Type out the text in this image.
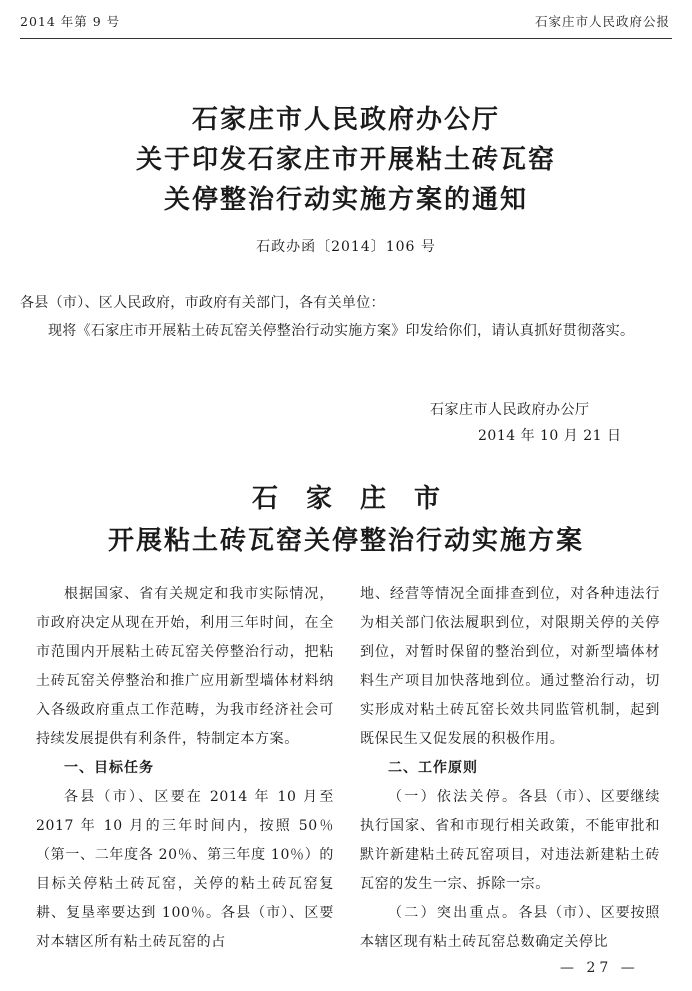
2014 年第 9 号	石家庄市人民政府公报
石家庄市人民政府办公厅
关于印发石家庄市开展粘土砖瓦窑
关停整治行动实施方案的通知
石政办函〔2014〕106 号
各县（市）、区人民政府，市政府有关部门，各有关单位：
现将《石家庄市开展粘土砖瓦窑关停整治行动实施方案》印发给你们，请认真抓好贯彻落实。
石家庄市人民政府办公厅
2014 年 10 月 21 日
石家庄市
开展粘土砖瓦窑关停整治行动实施方案

根据国家、省有关规定和我市实际情况，市政府决定从现在开始，利用三年时间，在全市范围内开展粘土砖瓦窑关停整治行动，把粘土砖瓦窑关停整治和推广应用新型墙体材料纳入各级政府重点工作范畴，为我市经济社会可持续发展提供有利条件，特制定本方案。

一、目标任务

各县（市）、区要在 2014 年 10 月至 2017 年 10 月的三年时间内，按照 50％（第一、二年度各 20％、第三年度 10％）的目标关停粘土砖瓦窑，关停的粘土砖瓦窑复耕、复垦率要达到 100％。各县（市）、区要对本辖区所有粘土砖瓦窑的占

地、经营等情况全面排查到位，对各种违法行为相关部门依法履职到位，对限期关停的关停到位，对暂时保留的整治到位，对新型墙体材料生产项目加快落地到位。通过整治行动，切实形成对粘土砖瓦窑长效共同监管机制，起到既保民生又促发展的积极作用。

二、工作原则

（一）依法关停。各县（市）、区要继续执行国家、省和市现行相关政策，不能审批和默许新建粘土砖瓦窑项目，对违法新建粘土砖瓦窑的发生一宗、拆除一宗。

（二）突出重点。各县（市）、区要按照本辖区现有粘土砖瓦窑总数确定关停比

— 27 —
